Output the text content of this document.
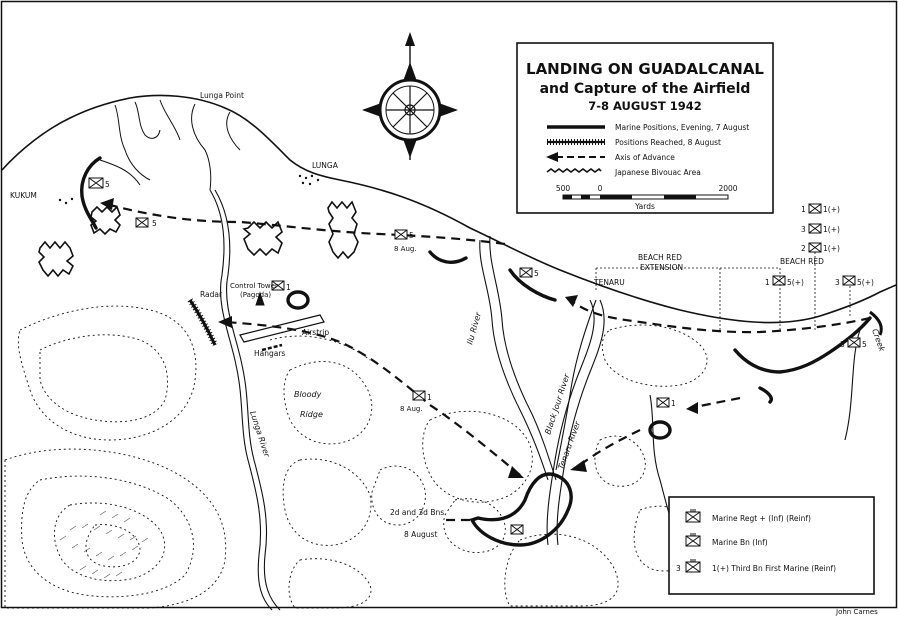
Lunga Point
LUNGA
KUKUM
TENARU
Radar
Control Tower
(Pagoda)
Airstrip
Hangars
Bloody
Ridge
Lunga River
Ilu River
Black Jour River
Tenaru River
BEACH RED
EXTENSION
BEACH RED
Creek
5
5
5
8 Aug.
5
1
1
8 Aug.
1
2d and 3d Bns
8 August
1 1(+)
3 1(+)
2 1(+)
1 5(+)	3 5(+)
3 5
LANDING ON GUADALCANAL
and Capture of the Airfield
7-8 AUGUST 1942
Marine Positions, Evening, 7 August
Positions Reached, 8 August
Axis of Advance
Japanese Bivouac Area
500	0	2000
Yards
Marine Regt + (Inf) (Reinf)
Marine Bn (Inf)
3	1(+) Third Bn First Marine (Reinf)
John Carnes
